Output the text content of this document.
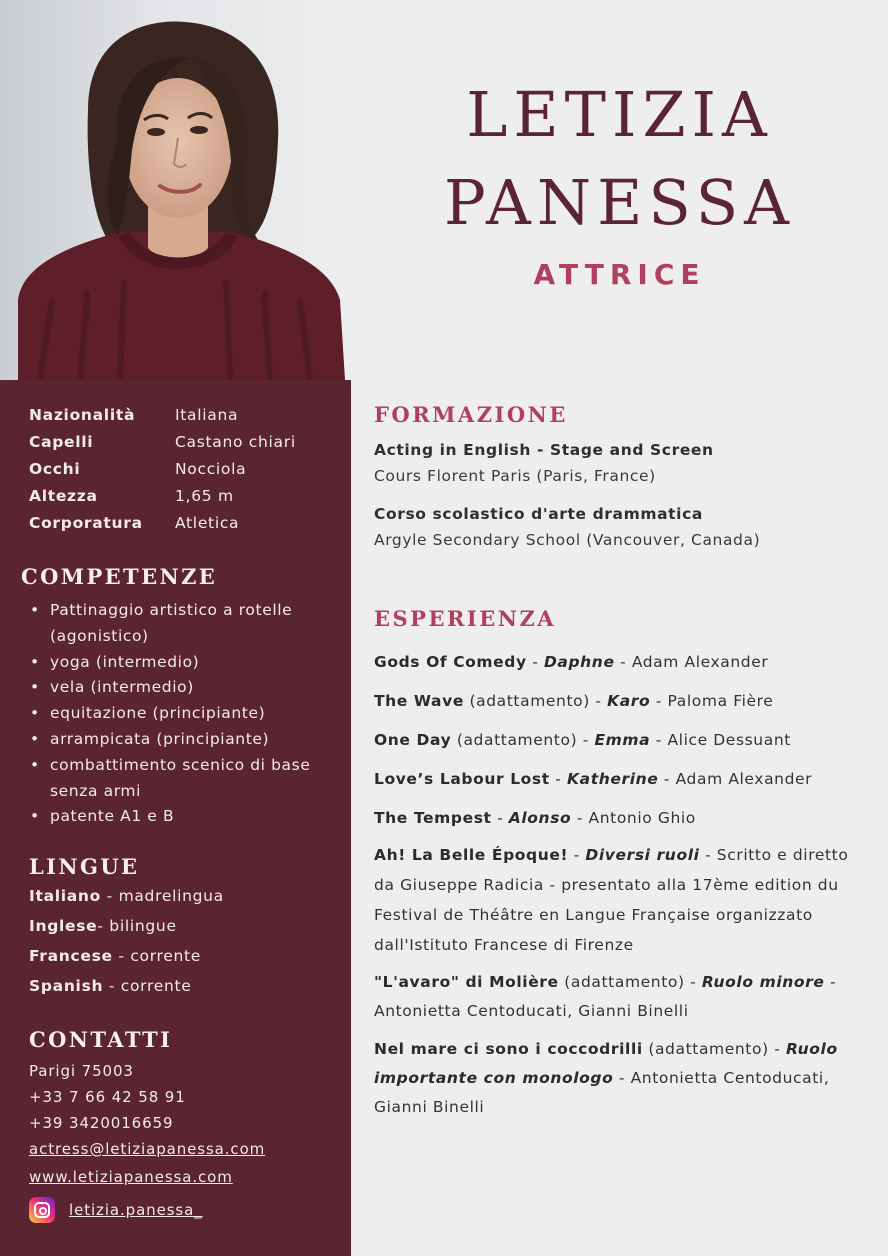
Nazionalità	Italiana
Capelli	Castano chiari
Occhi	Nocciola
Altezza	1,65 m
Corporatura	Atletica
COMPETENZE
• Pattinaggio artistico a rotelle (agonistico)
• yoga (intermedio)
• vela (intermedio)
• equitazione (principiante)
• arrampicata (principiante)
• combattimento scenico di base senza armi
• patente A1 e B
LINGUE
Italiano - madrelingua
Inglese- bilingue
Francese - corrente
Spanish - corrente
CONTATTI
Parigi 75003
+33 7 66 42 58 91
+39 3420016659
actress@letiziapanessa.com
www.letiziapanessa.com
letizia.panessa_
LETIZIA
PANESSA
ATTRICE
FORMAZIONE
Acting in English - Stage and Screen
Cours Florent Paris (Paris, France)
Corso scolastico d'arte drammatica
Argyle Secondary School (Vancouver, Canada)
ESPERIENZA
Gods Of Comedy - Daphne - Adam Alexander
The Wave (adattamento) - Karo - Paloma Fière
One Day (adattamento) - Emma - Alice Dessuant
Love’s Labour Lost - Katherine - Adam Alexander
The Tempest - Alonso - Antonio Ghio
Ah! La Belle Époque! - Diversi ruoli - Scritto e diretto da Giuseppe Radicia - presentato alla 17ème edition du Festival de Théâtre en Langue Française organizzato dall'Istituto Francese di Firenze
"L'avaro" di Molière (adattamento) - Ruolo minore - Antonietta Centoducati, Gianni Binelli
Nel mare ci sono i coccodrilli (adattamento) - Ruolo importante con monologo - Antonietta Centoducati, Gianni Binelli
